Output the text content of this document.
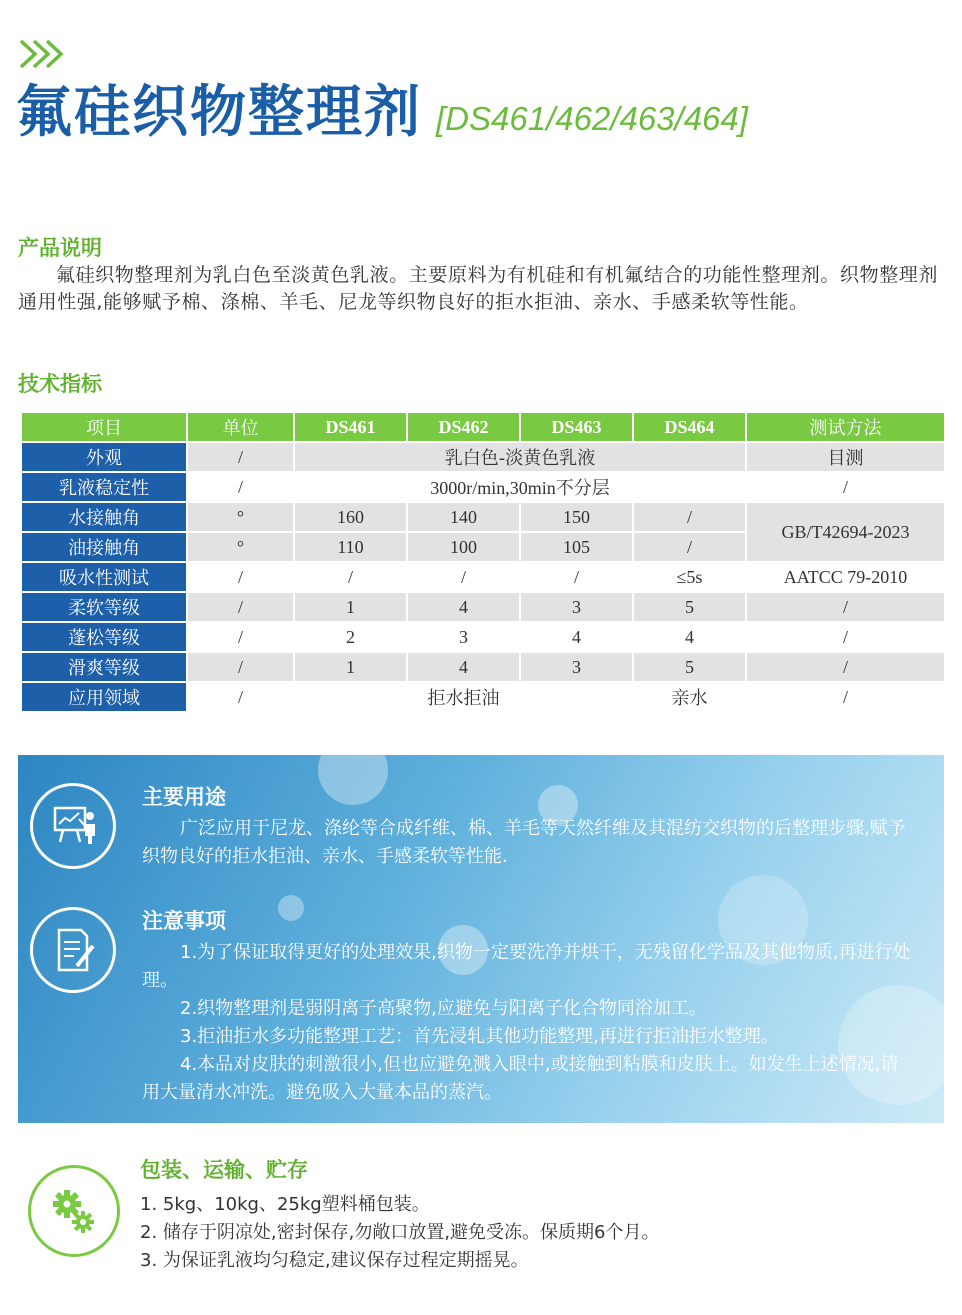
氟硅织物整理剂 [DS461/462/463/464]
产品说明

氟硅织物整理剂为乳白色至淡黄色乳液。主要原料为有机硅和有机氟结合的功能性整理剂。织物整理剂通用性强,能够赋予棉、涤棉、羊毛、尼龙等织物良好的拒水拒油、亲水、手感柔软等性能。

技术指标
项目	单位	DS461	DS462	DS463	DS464	测试方法
外观	/	乳白色-淡黄色乳液				目测
乳液稳定性	/	3000r/min,30min不分层				/
水接触角	°	160	140	150	/	GB/T42694-2023
油接触角	°	110	100	105	/	
吸水性测试	/	/	/	/	≤5s	AATCC 79-2010
柔软等级	/	1	4	3	5	/
蓬松等级	/	2	3	4	4	/
滑爽等级	/	1	4	3	5	/
应用领域	/	拒水拒油			亲水	/
主要用途

广泛应用于尼龙、涤纶等合成纤维、棉、羊毛等天然纤维及其混纺交织物的后整理步骤,赋予织物良好的拒水拒油、亲水、手感柔软等性能.

注意事项
1.为了保证取得更好的处理效果,织物一定要洗净并烘干，无残留化学品及其他物质,再进行处理。
2.织物整理剂是弱阴离子高聚物,应避免与阳离子化合物同浴加工。
3.拒油拒水多功能整理工艺：首先浸轧其他功能整理,再进行拒油拒水整理。
4.本品对皮肤的刺激很小,但也应避免溅入眼中,或接触到粘膜和皮肤上。如发生上述情况,请用大量清水冲洗。避免吸入大量本品的蒸汽。
包装、运输、贮存
1. 5kg、10kg、25kg塑料桶包装。
2. 储存于阴凉处,密封保存,勿敞口放置,避免受冻。保质期6个月。
3. 为保证乳液均匀稳定,建议保存过程定期摇晃。
